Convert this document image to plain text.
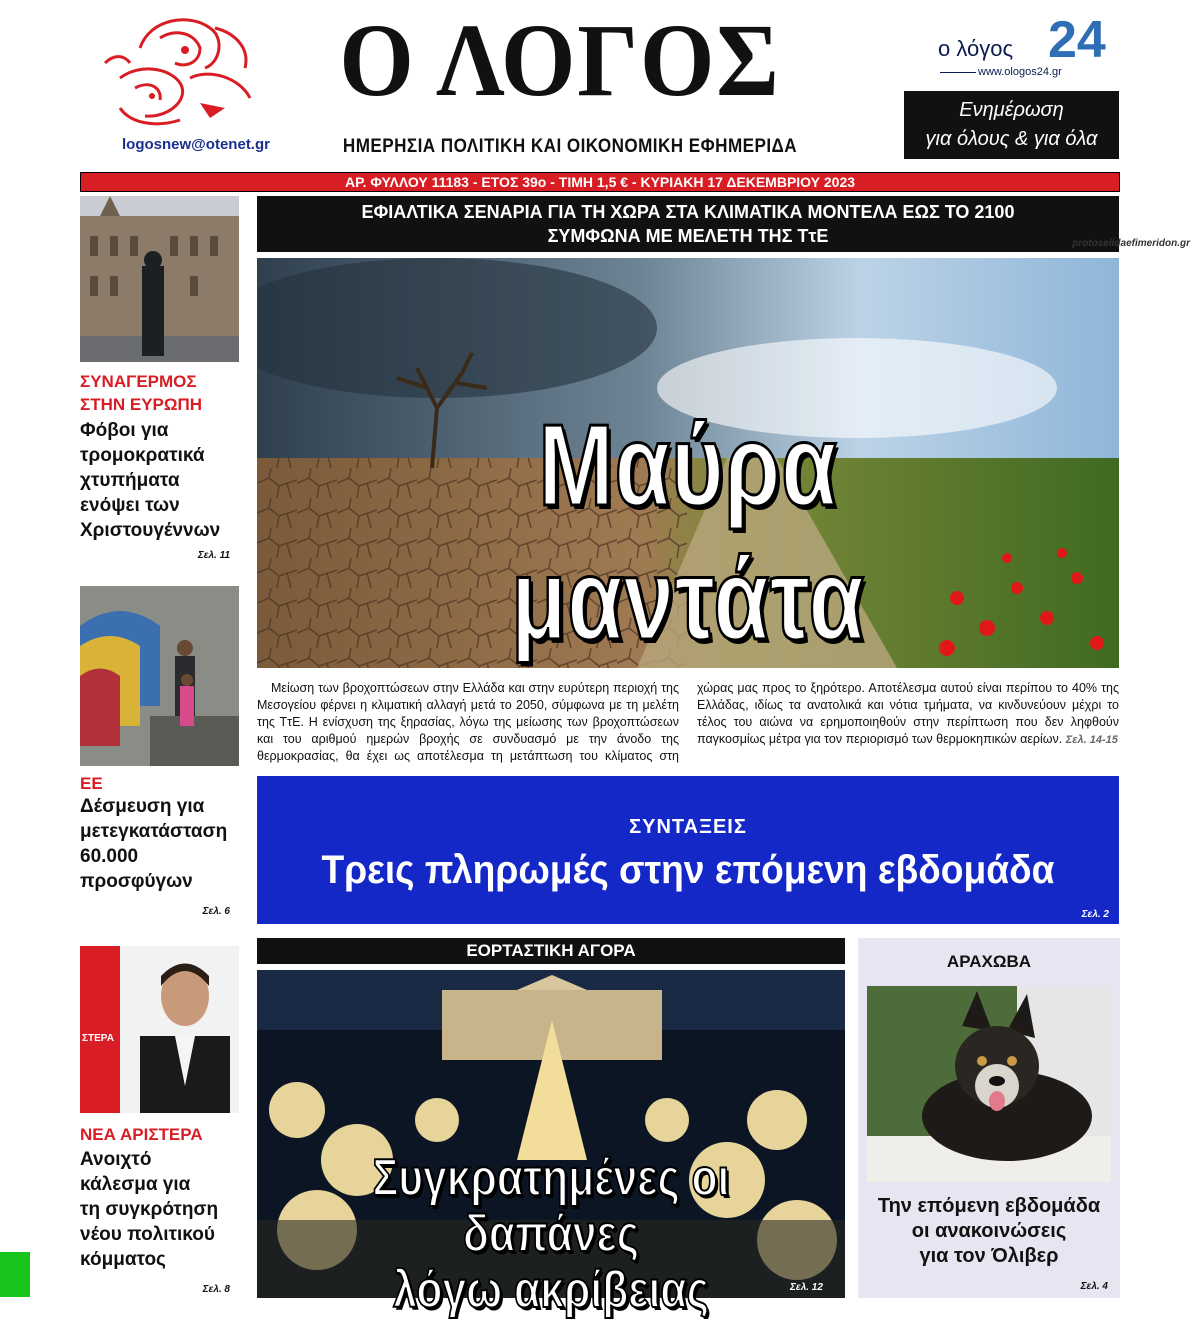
logosnew@otenet.gr
Ο ΛΟΓΟΣ
ΗΜΕΡΗΣΙΑ ΠΟΛΙΤΙΚΗ ΚΑΙ ΟΙΚΟΝΟΜΙΚΗ ΕΦΗΜΕΡΙΔΑ
ο λόγος 24
www.ologos24.gr
Ενημέρωση
για όλους & για όλα
ΑΡ. ΦΥΛΛΟΥ 11183 - ΕΤΟΣ 39ο - ΤΙΜΗ 1,5 € - ΚΥΡΙΑΚΗ 17 ΔΕΚΕΜΒΡΙΟΥ 2023
ΕΦΙΑΛΤΙΚΑ ΣΕΝΑΡΙΑ ΓΙΑ ΤΗ ΧΩΡΑ ΣΤΑ ΚΛΙΜΑΤΙΚΑ ΜΟΝΤΕΛΑ ΕΩΣ ΤΟ 2100
ΣΥΜΦΩΝΑ ΜΕ ΜΕΛΕΤΗ ΤΗΣ ΤτΕ	protoselidaefimeridon.gr
Μαύρα μαντάτα

Μείωση των βροχοπτώσεων στην Ελλάδα και στην ευρύτερη περιοχή της Μεσογείου φέρνει η κλιματική αλλαγή μετά το 2050, σύμφωνα με τη μελέτη της ΤτΕ. Η ενίσχυση της ξηρασίας, λόγω της μείωσης των βροχοπτώσεων και του αριθμού ημερών βροχής σε συνδυασμό με την άνοδο της θερμοκρασίας, θα έχει ως αποτέλεσμα τη μετάπτωση του κλίματος στη χώρας μας προς το ξηρότερο. Αποτέλεσμα αυτού είναι περίπου το 40% της Ελλάδας, ιδίως τα ανατολικά και νότια τμήματα, να κινδυνεύουν μέχρι το τέλος του αιώνα να ερημοποιηθούν στην περίπτωση που δεν ληφθούν παγκοσμίως μέτρα για τον περιορισμό των θερμοκηπικών αερίων. Σελ. 14-15

ΣΥΝΤΑΞΕΙΣ
Τρεις πληρωμές στην επόμενη εβδομάδα
Σελ. 2
ΕΟΡΤΑΣΤΙΚΗ ΑΓΟΡΑ
Συγκρατημένες οι δαπάνες
λόγω ακρίβειας	Σελ. 12
ΑΡΑΧΩΒΑ
Την επόμενη εβδομάδα
οι ανακοινώσεις
για τον Όλιβερ
Σελ. 4
ΣΥΝΑΓΕΡΜΟΣ
ΣΤΗΝ ΕΥΡΩΠΗ
Φόβοι για
τρομοκρατικά
χτυπήματα
ενόψει των
Χριστουγέννων
Σελ. 11
ΕΕ
Δέσμευση για
μετεγκατάσταση
60.000
προσφύγων
Σελ. 6
ΣΤΕΡΑ
ΝΕΑ ΑΡΙΣΤΕΡΑ
Ανοιχτό
κάλεσμα για
τη συγκρότηση
νέου πολιτικού
κόμματος
Σελ. 8
